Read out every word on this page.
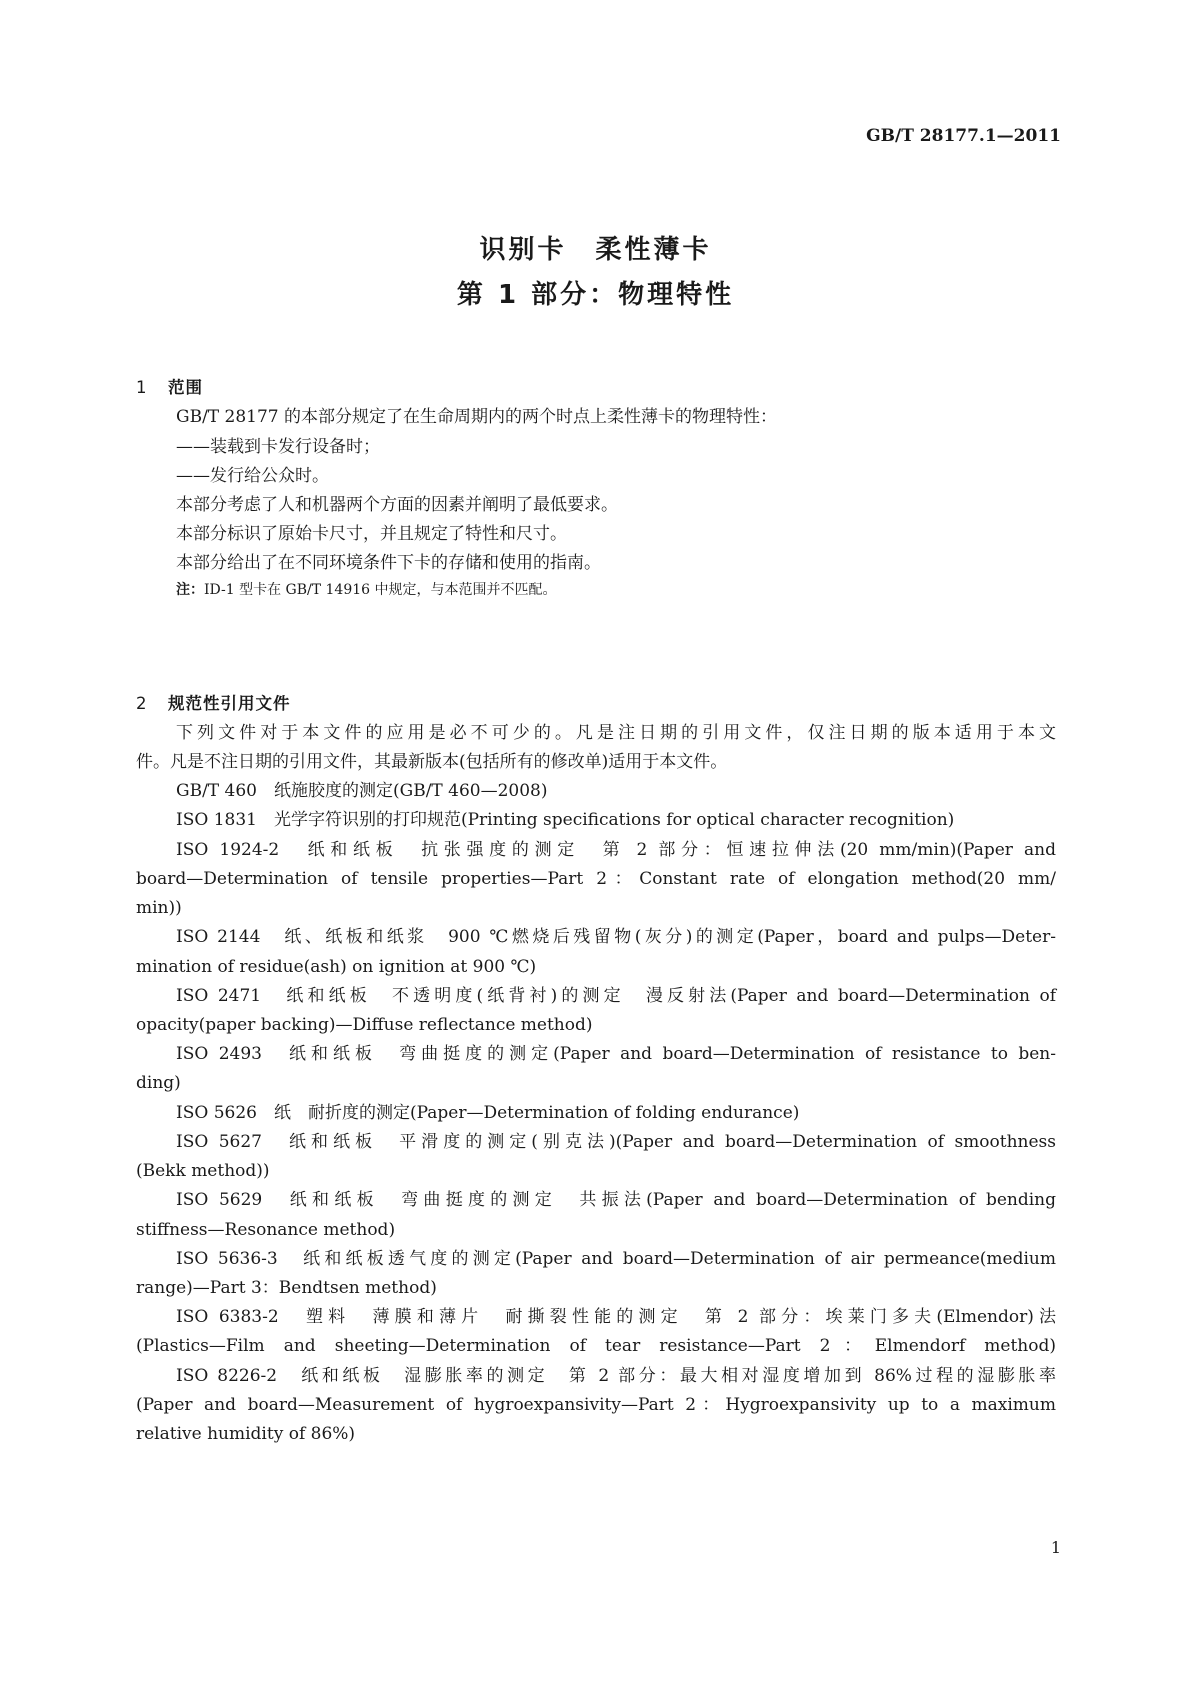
GB/T 28177.1—2011
识别卡　柔性薄卡
第 1 部分：物理特性
1 范围
GB/T 28177 的本部分规定了在生命周期内的两个时点上柔性薄卡的物理特性：
——装载到卡发行设备时；
——发行给公众时。
本部分考虑了人和机器两个方面的因素并阐明了最低要求。
本部分标识了原始卡尺寸，并且规定了特性和尺寸。
本部分给出了在不同环境条件下卡的存储和使用的指南。
注：ID-1 型卡在 GB/T 14916 中规定，与本范围并不匹配。
2 规范性引用文件
下列文件对于本文件的应用是必不可少的。凡是注日期的引用文件，仅注日期的版本适用于本文
件。凡是不注日期的引用文件，其最新版本(包括所有的修改单)适用于本文件。
GB/T 460　纸施胶度的测定(GB/T 460—2008)
ISO 1831　光学字符识别的打印规范(Printing specifications for optical character recognition)
ISO 1924-2　纸和纸板　抗张强度的测定　第 2 部分：恒速拉伸法(20 mm/min)(Paper and
board—Determination of tensile properties—Part 2：Constant rate of elongation method(20 mm/
min))
ISO 2144　纸、纸板和纸浆　900 ℃燃烧后残留物(灰分)的测定(Paper，board and pulps—Deter-
mination of residue(ash) on ignition at 900 ℃)
ISO 2471　纸和纸板　不透明度(纸背衬)的测定　漫反射法(Paper and board—Determination of
opacity(paper backing)—Diffuse reflectance method)
ISO 2493　纸和纸板　弯曲挺度的测定(Paper and board—Determination of resistance to ben-
ding)
ISO 5626　纸　耐折度的测定(Paper—Determination of folding endurance)
ISO 5627　纸和纸板　平滑度的测定(别克法)(Paper and board—Determination of smoothness
(Bekk method))
ISO 5629　纸和纸板　弯曲挺度的测定　共振法(Paper and board—Determination of bending
stiffness—Resonance method)
ISO 5636-3　纸和纸板透气度的测定(Paper and board—Determination of air permeance(medium
range)—Part 3：Bendtsen method)
ISO 6383-2　塑料　薄膜和薄片　耐撕裂性能的测定　第 2 部分：埃莱门多夫(Elmendor)法
(Plastics—Film and sheeting—Determination of tear resistance—Part 2：Elmendorf method)
ISO 8226-2　纸和纸板　湿膨胀率的测定　第 2 部分：最大相对湿度增加到 86%过程的湿膨胀率
(Paper and board—Measurement of hygroexpansivity—Part 2：Hygroexpansivity up to a maximum
relative humidity of 86%)
1
